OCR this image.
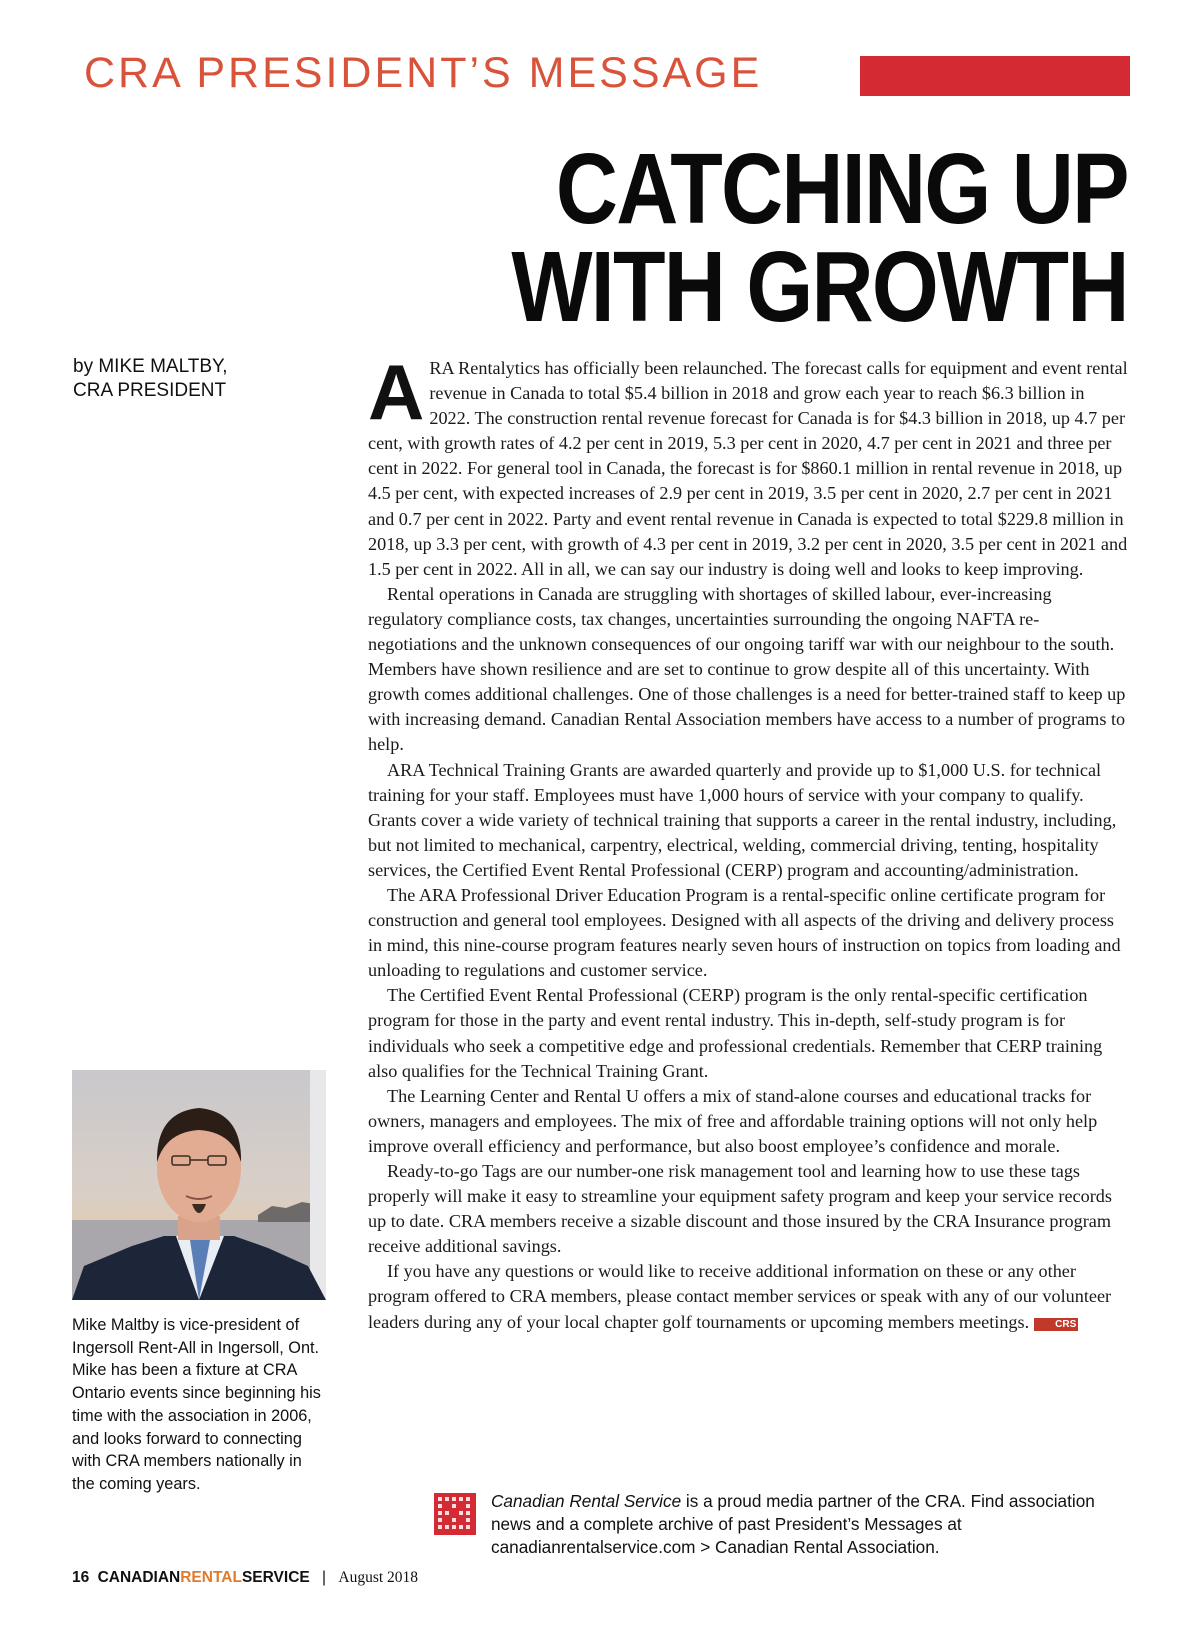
CRA PRESIDENT’S MESSAGE
CATCHING UP
WITH GROWTH
by MIKE MALTBY,
CRA PRESIDENT ARA Rentalytics has officially been relaunched. The forecast calls for equipment and event rental revenue in Canada to total $5.4 billion in 2018 and grow each year to reach $6.3 billion in 2022. The construction rental revenue forecast for Canada is for $4.3 billion in 2018, up 4.7 per cent, with growth rates of 4.2 per cent in 2019, 5.3 per cent in 2020, 4.7 per cent in 2021 and three per cent in 2022. For general tool in Canada, the forecast is for $860.1 million in rental revenue in 2018, up 4.5 per cent, with expected increases of 2.9 per cent in 2019, 3.5 per cent in 2020, 2.7 per cent in 2021 and 0.7 per cent in 2022. Party and event rental revenue in Canada is expected to total $229.8 million in 2018, up 3.3 per cent, with growth of 4.3 per cent in 2019, 3.2 per cent in 2020, 3.5 per cent in 2021 and 1.5 per cent in 2022. All in all, we can say our industry is doing well and looks to keep improving.

Rental operations in Canada are struggling with shortages of skilled labour, ever-increasing regulatory compliance costs, tax changes, uncertainties surrounding the ongoing NAFTA re-negotiations and the unknown consequences of our ongoing tariff war with our neighbour to the south. Members have shown resilience and are set to continue to grow despite all of this uncertainty. With growth comes additional challenges. One of those challenges is a need for better-trained staff to keep up with increasing demand. Canadian Rental Association members have access to a number of programs to help.

ARA Technical Training Grants are awarded quarterly and provide up to $1,000 U.S. for technical training for your staff. Employees must have 1,000 hours of service with your company to qualify. Grants cover a wide variety of technical training that supports a career in the rental industry, including, but not limited to mechanical, carpentry, electrical, welding, commercial driving, tenting, hospitality services, the Certified Event Rental Professional (CERP) program and accounting/administration.

The ARA Professional Driver Education Program is a rental-specific online certificate program for construction and general tool employees. Designed with all aspects of the driving and delivery process in mind, this nine-course program features nearly seven hours of instruction on topics from loading and unloading to regulations and customer service.

The Certified Event Rental Professional (CERP) program is the only rental-specific certification program for those in the party and event rental industry. This in-depth, self-study program is for individuals who seek a competitive edge and professional credentials. Remember that CERP training also qualifies for the Technical Training Grant.

The Learning Center and Rental U offers a mix of stand-alone courses and educational tracks for owners, managers and employees. The mix of free and affordable training options will not only help improve overall efficiency and performance, but also boost employee’s confidence and morale.

Ready-to-go Tags are our number-one risk management tool and learning how to use these tags properly will make it easy to streamline your equipment safety program and keep your service records up to date. CRA members receive a sizable discount and those insured by the CRA Insurance program receive additional savings.

If you have any questions or would like to receive additional information on these or any other program offered to CRA members, please contact member services or speak with any of our volunteer leaders during any of your local chapter golf tournaments or upcoming members meetings.	CRS

Mike Maltby is vice-president of Ingersoll Rent-All in Ingersoll, Ont. Mike has been a fixture at CRA Ontario events since beginning his time with the association in 2006, and looks forward to connecting with CRA members nationally in the coming years.
Canadian Rental Service is a proud media partner of the CRA. Find association news and a complete archive of past President’s Messages at canadianrentalservice.com > Canadian Rental Association.
16 CANADIANRENTALSERVICE | August 2018
